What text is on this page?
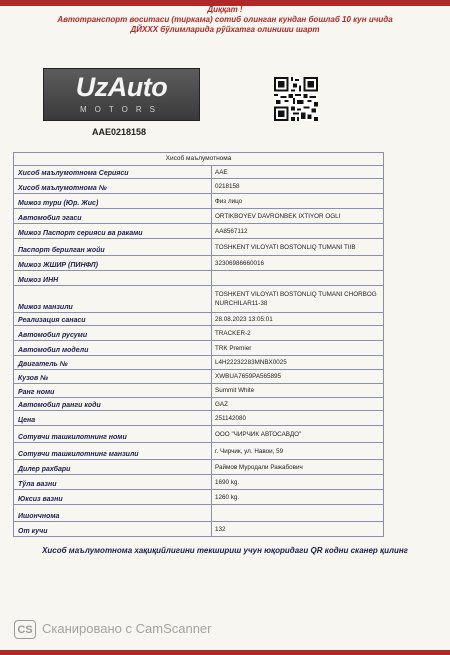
Диққат !
Автотранспорт воситаси (тиркама) сотиб олинган кундан бошлаб 10 кун ичида
ДЙХХХ бўлимларида рўйхатга олиниши шарт
UzAuto
MOTORS
AAE0218158
Хисоб маълумотнома
Хисоб маълумотнома Серияси	AAE
Хисоб маълумотнома №	0218158
Мижоз тури (Юр. Жис)	Физ лицо
Автомобил эгаси	ORTIKBOYEV DAVRONBEK IXTIYOR OGLI
Мижоз Паспорт серияси ва раками	AA8567112
Паспорт берилган жойи	TOSHKENT VILOYATI BOSTONLIQ TUMANI TIIB
Мижоз ЖШИР (ПИНФЛ)	32306986660016
Мижоз ИНН
Мижоз манзили
TOSHKENT VILOYATI BOSTONLIQ TUMANI CHORBOG
NURCHILAR11-38
Реализация санаси	28.08.2023 13:05:01
Автомобил русуми	TRACKER-2
Автомобил модели	TRK Premier
Двигатель №	L4H22232283MNBX0025
Кузов №	XWBUA7659PA565895
Ранг номи	Summit White
Автомобил ранги коди	GAZ
Цена	251142080
Сотувчи ташкилотнинг номи	ООО "ЧИРЧИК АВТОСАВДО"
Сотувчи ташкилотнинг манзили	г. Чирчик, ул. Навои, 59
Дилер рахбари	Раймов Муродали Ражабович
Тўла вазни	1690 kg.
Юксиз вазни	1260 kg.
Ишончнома
От кучи	132
Хисоб маълумотнома хақиқийлигини текшириш учун юқоридаги QR кодни сканер қилинг
CS Сканировано с CamScanner
